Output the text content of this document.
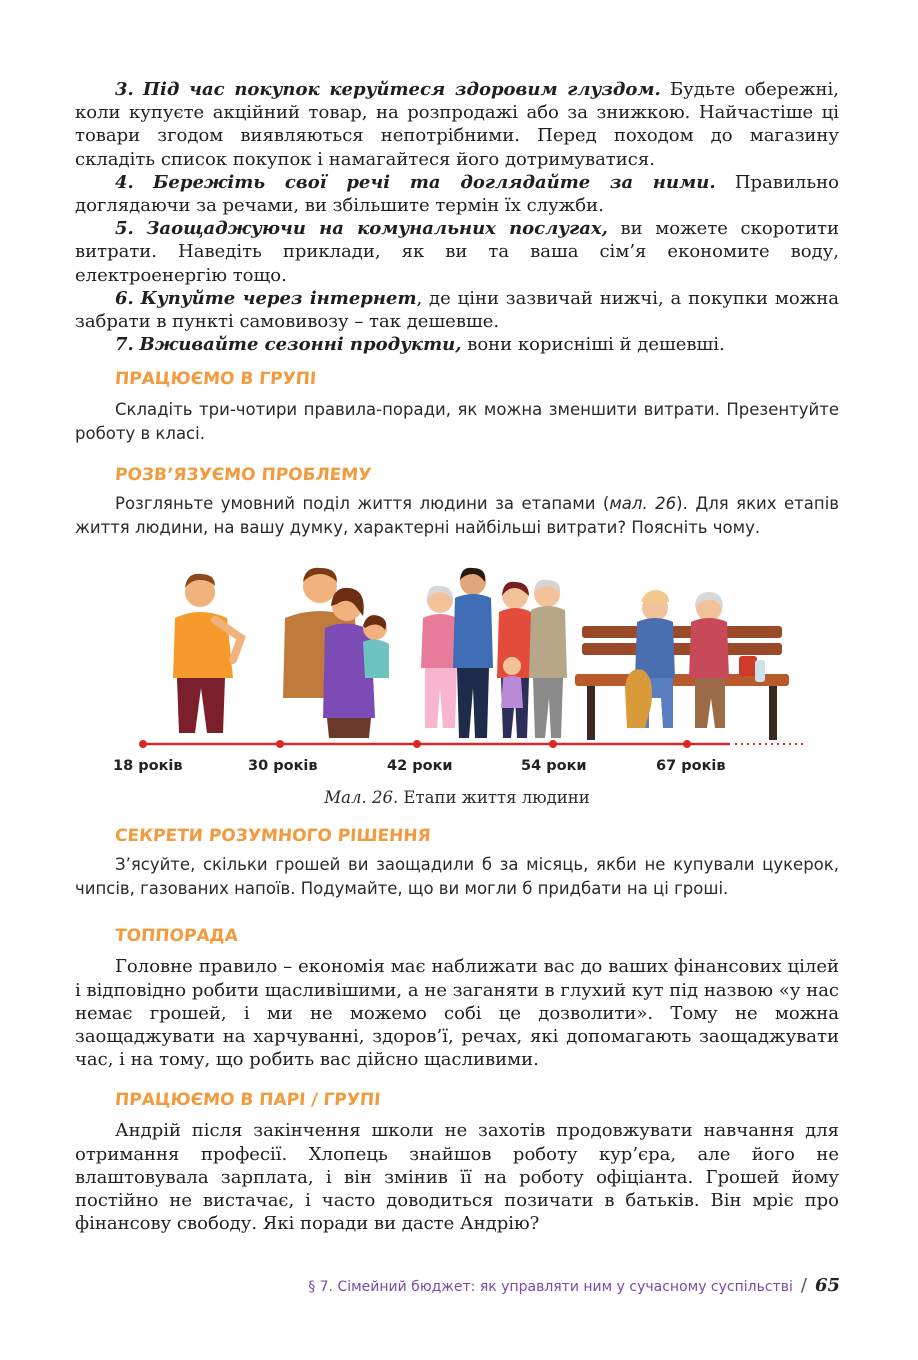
3. Під час покупок керуйтеся здоровим глуздом. Будьте обережні, коли купуєте акційний товар, на розпродажі або за знижкою. Найчастіше ці товари згодом виявляються непотрібними. Перед походом до магазину складіть список покупок і намагайтеся його дотримуватися.

4. Бережіть свої речі та доглядайте за ними. Правильно доглядаючи за речами, ви збільшите термін їх служби.

5. Заощаджуючи на комунальних послугах, ви можете скоротити витрати. Наведіть приклади, як ви та ваша сім’я економите воду, електроенергію тощо.

6. Купуйте через інтернет, де ціни зазвичай нижчі, а покупки можна забрати в пункті самовивозу – так дешевше.

7. Вживайте сезонні продукти, вони корисніші й дешевші.

ПРАЦЮЄМО В ГРУПІ

Складіть три-чотири правила-поради, як можна зменшити витрати. Презентуйте роботу в класі.

РОЗВ’ЯЗУЄМО ПРОБЛЕМУ

Розгляньте умовний поділ життя людини за етапами (мал. 26). Для яких етапів життя людини, на вашу думку, характерні найбільші витрати? Поясніть чому.

18 років	30 років	42 роки	54 роки	67 років

Мал. 26. Етапи життя людини

СЕКРЕТИ РОЗУМНОГО РІШЕННЯ

З’ясуйте, скільки грошей ви заощадили б за місяць, якби не купували цукерок, чипсів, газованих напоїв. Подумайте, що ви могли б придбати на ці гроші.

ТОППОРАДА

Головне правило – економія має наближати вас до ваших фінансових цілей і відповідно робити щасливішими, а не заганяти в глухий кут під назвою «у нас немає грошей, і ми не можемо собі це дозволити». Тому не можна заощаджувати на харчуванні, здоров’ї, речах, які допомагають заощаджувати час, і на тому, що робить вас дійсно щасливими.

ПРАЦЮЄМО В ПАРІ / ГРУПІ

Андрій після закінчення школи не захотів продовжувати навчання для отримання професії. Хлопець знайшов роботу кур’єра, але його не влаштовувала зарплата, і він змінив її на роботу офіціанта. Грошей йому постійно не вистачає, і часто доводиться позичати в батьків. Він мріє про фінансову свободу. Які поради ви дасте Андрію?

§ 7. Сімейний бюджет: як управляти ним у сучасному суспільстві / 65
